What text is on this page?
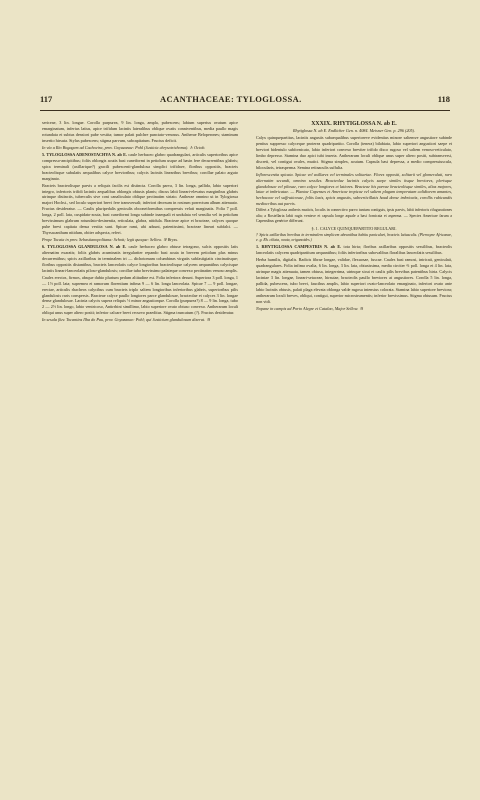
117	ACANTHACEAE: TYLOGLOSSA.	118

sericeae, 3 lin. longae. Corolla purpurea, 9 lin. longa, ampla, pubescens; labium superius ovatum apice emarginatum, inferius latius, apice trifidum laciniis lateralibus oblique ovatis conniventibus, media paullo magis rotundata et subtus densiori pube vestita; tumor palati pulchre punctato-venosus. Antherae Beloperones; staminum insertio hirsuta. Stylus pubescens; stigma parvum, subcapitatum. Fructus deficit.

In vía a Rio Bogagem ad Cachoeira, prov. Goyazanae: Pohl (Justicia chrysotrichoma). ♄ Octob.

5. TYLOGLOSSA ADENOSTACHYA N. ab E. caule herbaceo glabro quadrangulari, articulis superioribus apice compresso-ancipitibus; foliis oblongis acutis basi cuneiformi in petiolum usque ad basin fere decurrentibus glabris; spica terminali (axillarique?) gracili pubescenti-glandulosa simplici trifidave, floribus oppositis, bracteis bracteolisque subulatis aequalibus calyce brevioribus; calycis laciniis linearibus brevibus; corollae palato arguto marginato.

Bracteis bracteolisque parvis a reliquis facilis est distincta. Corolla parva, 3 lin. longa, pallida, labio superiori integro, inferioris trifidi laciniis aequalibus oblongis obtusis planis; discus labii lineari-elevatus marginibus glabris utrinque distinctis, tuberculis sive coni canaliculato oblique pectinatim striato. Antherae omnino ut in Tylogiossa majori Hochst., sed loculo superiori brevi fere transversali; inferiori deorsum in rostrum porrectum album attenuato. Fructus desideratur. — Caulis pluripedalis geniculis obconeiformibus compressis velati marginatis. Folia 7 poll. longa, 2 poll. lata, cuspidato-acuta, basi cuneiformi longa subinde inaequali et undulata vel sensilia vel in petiolum brevissimum glabrum rotundato-desinentia, reticulata, glabra, nitidula. Bracteae apice et bracteae, calyces quoque pube brevi capitata densa vestita sunt. Spicae rami, ubi adsunt, patentissimi, bracteae lineari subfalci. — Thyrsacanthum nitidum, obiter adspecta, refert.

Prope Tocaia in prov. Sebastianopolitana: Schott; legit quoque: Sellow. ♃ Bryss.

6. TYLOGLOSSA GLANDULOSA N. ab E. caule herbaceo glabro obtuse tetragono, sulcis oppositis latis alternatim exaratis; foliis glabris acuminatis irregulariter repando basi acuta in brevem petiolum plus minus decurrentibus; spicis axillaribus in terminalem tri — dichotomam columbinas virgatis subfastigiatis cincinatisque; floribus oppositis distantibus, bracteis lanceolatis calyce longioribus bracteolisque calycem aequantibus calycisque laciniis lineari-lanceolatis piloso-glandulosis; corollae tubo brevissimo palateque convexo pectinatim venoso amplis.

Caules erectos, firmos, absque dubio plurium pedum altitudine est. Folia inferiora desunt. Superiora 3 poll. longa, 1 — 1½ poll. lata; supremea et ramorum florentium infima 9 — 6 lin. longa lanceolata. Spicae 7 — 9 poll. longae, erectae, articulis rhacheos calycibus cum bracteis triplo saltem longioribus inferioribus glabris, superioribus pilis glandulosis raris conspersis. Bracteae calyce paullo longiores parce glandulosae, bracteolae et calyces 3 lin. longae dense glandulosae. Lacinia calycis supera reliquis ½ minor angustiorque. Corolla (purpurea?) 8 — 9 lin. longa, tubo 2 — 2½ lin. longo, labio ventricoso, Antirrhini simillimo, labio superiore ovato obtuso convexo. Antherarum loculi obliqui unus super altero positi; inferior calcare brevi recurvo praeditus. Stigma truncatum (?). Fructus desideratur.

In sesula fluv. Tocantins Ilha do Pau, prov. Goyazanae: Pohl; qui Justicium glandulosum dixerat. ♃

XXXIX. RHYTIGLOSSA N. ab E.

Rhytiglossa N. ab E. Endlicher Gen. n. 4084. Meisner Gen. p. 296 (205).

Calyx quinquepartitus, laciniis angustis subaequalibus superioreve evidentius minore saltemve angustiore subinde penitus suppresso calyceque proterea quadripartito. Corolla (tenera) bilabiata, labio superiori angustiori saepe et breviori bidentulo subfornicato, labio inferiori convexo breviter trifido disco rugoso vel saltem venoso-reticulato, limbo depresso. Stamina duo apici tubi inserta. Antherarum loculi oblique unus super altero positi, subtransversi, discreti, vel contigui ovales, mutici. Stigma simplex, acutum. Capsula basi depressa, a medio compressiuscula, bilocularis, tetrasperma. Semina retinaculis suffulta.

Inflorescentia spicata. Spicae vel axillares vel terminales solitariae. Flores oppositi, solitarii vel glomerulati, raro alternatim secundi, omnino sessiles. Bracteolae laciniis calycis saepe similes iisque breviores, plerisque glandulosae vel pilosae, raro calyce longiores et latiores. Bracteae his parvae bracteolisque similes, alias majores, latae et imbricatae. — Plantae Capenses et Americae tropicae vel saltem plagam temperatam calidiorem amantes, herbaceae vel suffruticosae, foliis laxis, spicis angustis, subverticillatis haud dense imbricatis, corollis rubicundis mediocribus aut parvis.

Differt a Tyloglossa antheris muticis, loculis in connectivo parvo tantum contiguis, ipsis parvis, labii inferioris rifugurationes alia; a Rostellaria labii rugis venisve et capsula longe aquale a basi fornicata et asperma. — Species Americae farum a Capensibus genérice differunt.

§. 1. CALYCE QUINQUEPARTITO REGULARI.

† Spicis axillaribus brevibus in terminalem simplicem abeuntibus habitu paniculari, bracteis latiusculis. (Pleroxyne Africanae, e. g. Rh. ciliata, ovata, origanoides.)

1. RHYTIGLOSSA CAMPESTRIS N. ab E. tota hirta; floribus axillaribus oppositis sessilibus, bracteolis lanceolatis calycem quadripartitum aequantibus; foliis inferioribus subovalibus floralibus lanceolatis sessilibus.

Herba humilis, digitalis. Radicis fibrae longae, validae, flexuosae, fuscae. Caules basi ramosi, intricati, geniculati, quadrangulares. Folia infima ovalia, 6 lin. longa, 3 lin. lata, obtusissima, media circiter ⅔ poll. longa et 4 lin. lata, utrinque magis attenuata, tamen obtusa, integerrima, utrinque sicut et caulis pilis brevibus patentibus hirta. Calycis laciniae 3 lin. longae, lineari-setaceae, hirsutae, bracteolis paullo breviores at angustiores. Corolla 5 lin. longa, pallida, pubescens, tubo brevi, faucibus amplis, labio superiori ovato-lanceolato emarginato, inferiori ovato ante labio laciniis obtusis, palati plaga elevata oblonga valde rugosa intensius colorata. Stamina labio superiore breviora; antherarum loculi breves, obliqui, contigui, superior microstrumentis; inferior brevissimus. Stigma obtusum. Fructus non vidi.

Nopane in campis ad Porto Alegre et Catalao, Major Sellow. ♃
